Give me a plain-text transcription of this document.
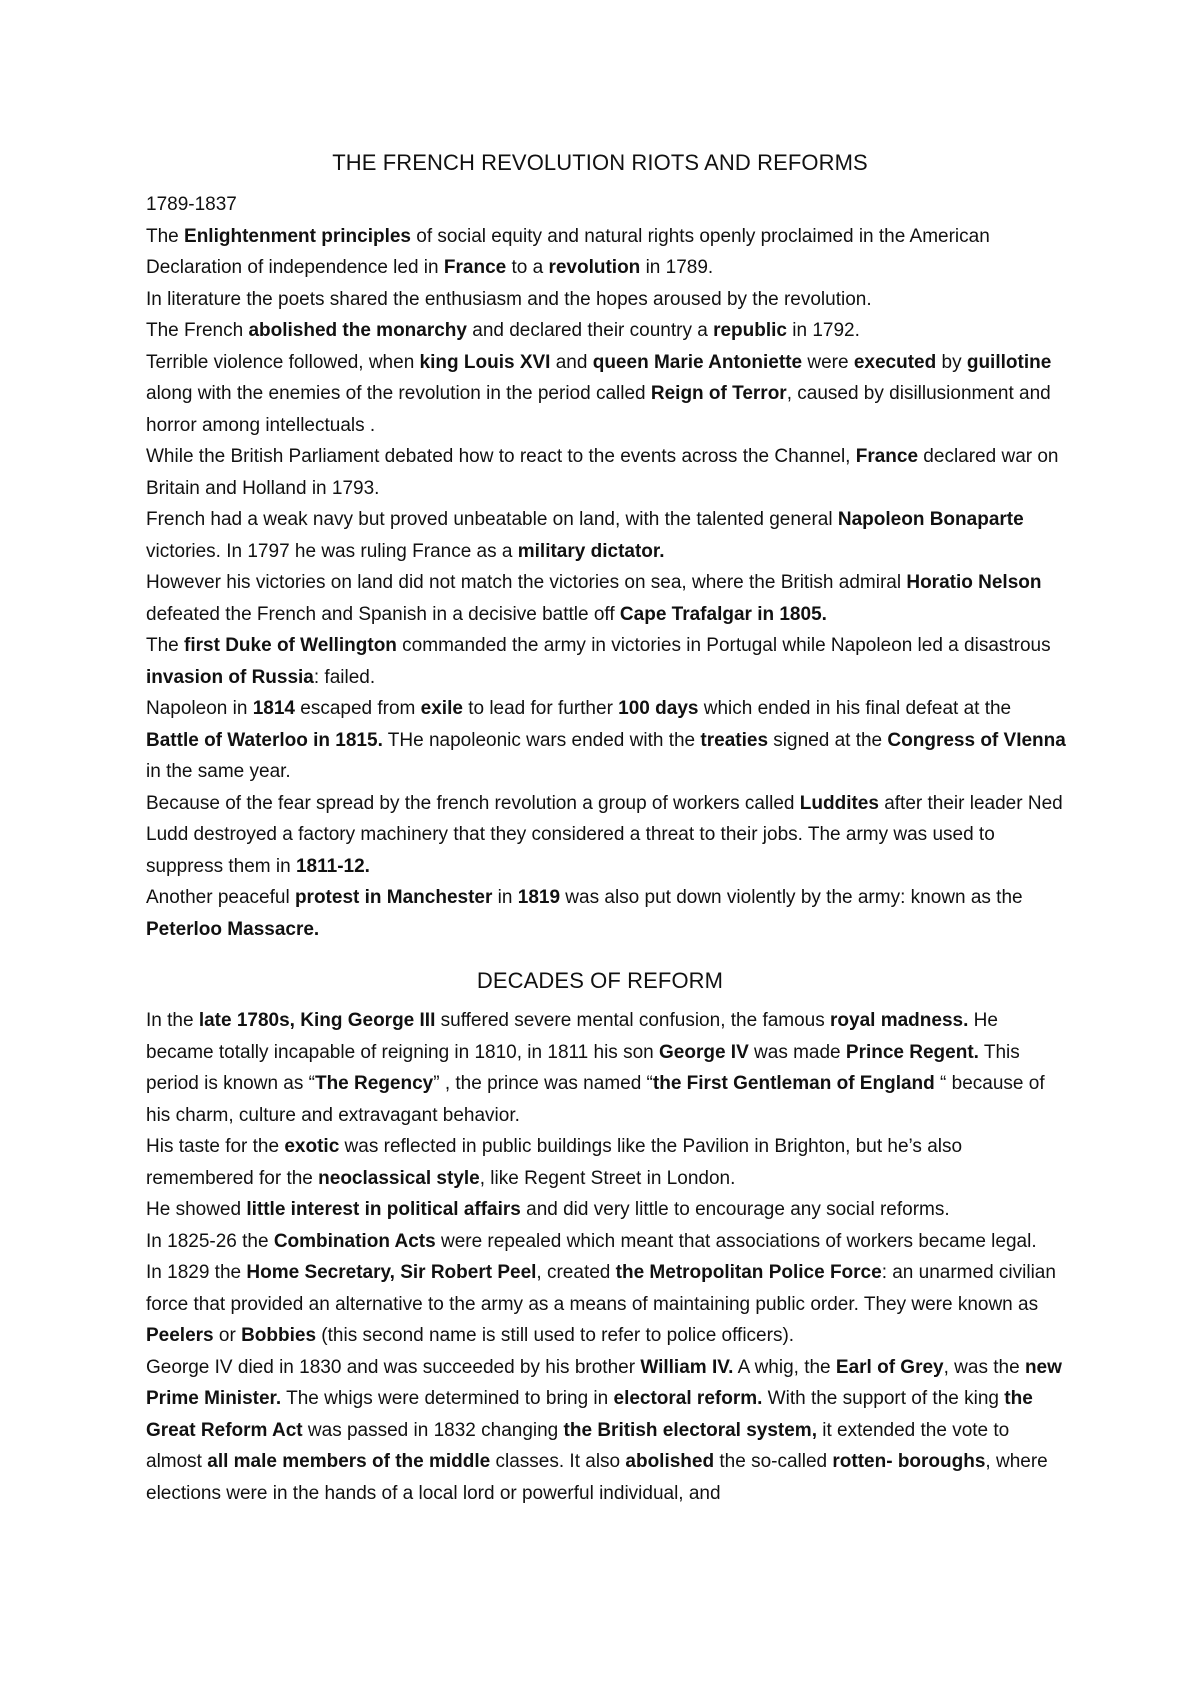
THE FRENCH REVOLUTION RIOTS AND REFORMS

1789-1837

The Enlightenment principles of social equity and natural rights openly proclaimed in the American Declaration of independence led in France to a revolution in 1789.

In literature the poets shared the enthusiasm and the hopes aroused by the revolution.

The French abolished the monarchy and declared their country a republic in 1792.

Terrible violence followed, when king Louis XVI and queen Marie Antoniette were executed by guillotine along with the enemies of the revolution in the period called Reign of Terror, caused by disillusionment and horror among intellectuals .

While the British Parliament debated how to react to the events across the Channel, France declared war on Britain and Holland in 1793.

French had a weak navy but proved unbeatable on land, with the talented general Napoleon Bonaparte victories. In 1797 he was ruling France as a military dictator.

However his victories on land did not match the victories on sea, where the British admiral Horatio Nelson defeated the French and Spanish in a decisive battle off Cape Trafalgar in 1805.

The first Duke of Wellington commanded the army in victories in Portugal while Napoleon led a disastrous invasion of Russia: failed.

Napoleon in 1814 escaped from exile to lead for further 100 days which ended in his final defeat at the Battle of Waterloo in 1815. THe napoleonic wars ended with the treaties signed at the Congress of VIenna in the same year.

Because of the fear spread by the french revolution a group of workers called Luddites after their leader Ned Ludd destroyed a factory machinery that they considered a threat to their jobs. The army was used to suppress them in 1811-12.

Another peaceful protest in Manchester in 1819 was also put down violently by the army: known as the Peterloo Massacre.

DECADES OF REFORM

In the late 1780s, King George III suffered severe mental confusion, the famous royal madness. He became totally incapable of reigning in 1810, in 1811 his son George IV was made Prince Regent. This period is known as “The Regency” , the prince was named “the First Gentleman of England “ because of his charm, culture and extravagant behavior.

His taste for the exotic was reflected in public buildings like the Pavilion in Brighton, but he’s also remembered for the neoclassical style, like Regent Street in London.

He showed little interest in political affairs and did very little to encourage any social reforms.

In 1825-26 the Combination Acts were repealed which meant that associations of workers became legal.

In 1829 the Home Secretary, Sir Robert Peel, created the Metropolitan Police Force: an unarmed civilian force that provided an alternative to the army as a means of maintaining public order. They were known as Peelers or Bobbies (this second name is still used to refer to police officers).

George IV died in 1830 and was succeeded by his brother William IV. A whig, the Earl of Grey, was the new Prime Minister. The whigs were determined to bring in electoral reform. With the support of the king the Great Reform Act was passed in 1832 changing the British electoral system, it extended the vote to almost all male members of the middle classes. It also abolished the so-called rotten- boroughs, where elections were in the hands of a local lord or powerful individual, and
